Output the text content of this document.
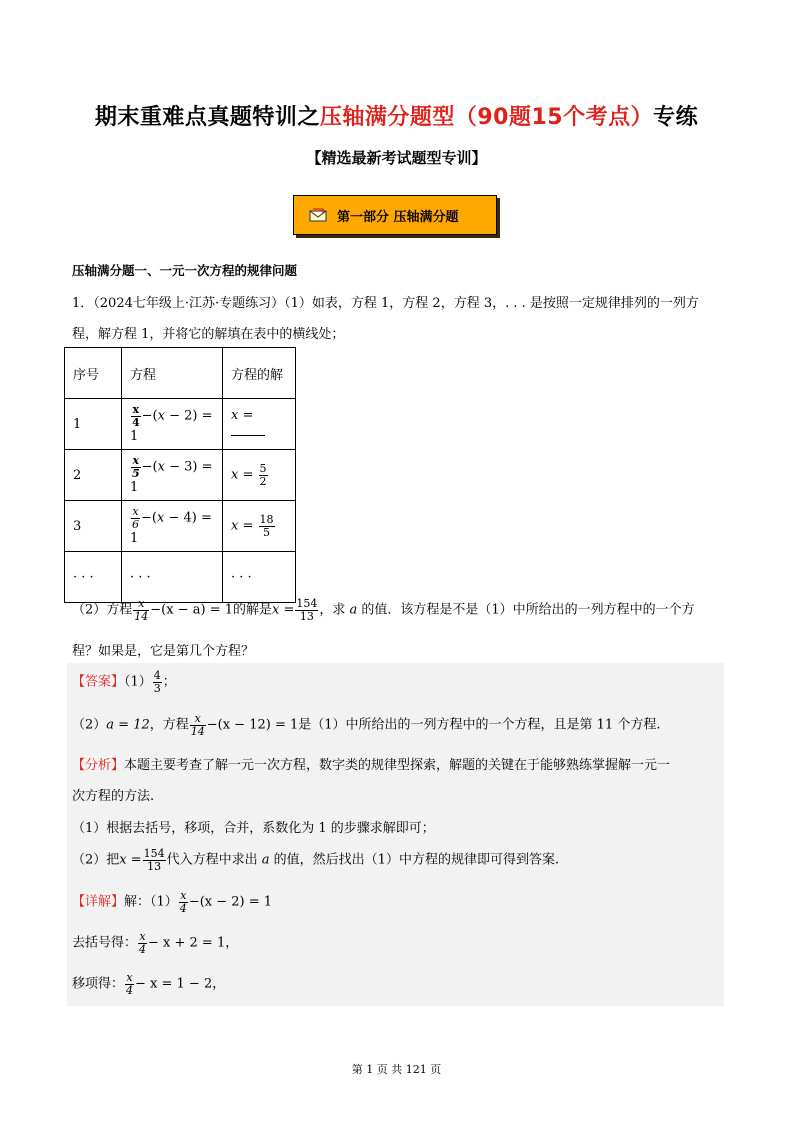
期末重难点真题特训之压轴满分题型（90题15个考点）专练
【精选最新考试题型专训】
第一部分 压轴满分题
压轴满分题一、一元一次方程的规律问题
1．（2024七年级上·江苏·专题练习）（1）如表，方程 1，方程 2，方程 3，. . . 是按照一定规律排列的一列方
程，解方程 1，并将它的解填在表中的横线处；
序号	方程	方程的解
1	$\frac{x}{4} -(x - 2) = 1$	x =
2	$\frac{x}{5} -(x - 3) = 1$	$x = \frac{5}{2}$

3	$\frac{x}{6} -(x - 4) = 1$	$x = \frac{18}{5}$

· · ·	· · ·	· · ·
（2）方程 $\frac{x}{14} -(x - a) = 1$的解是$x = \frac{154}{13}$ ，求 a 的值．该方程是不是（1）中所给出的一列方程中的一个方
程？如果是，它是第几个方程？
【答案】$(1) \frac{4}{3}$ ；
（2）a = 12，方程 $\frac{x}{14} -(x - 12) = 1$是（1）中所给出的一列方程中的一个方程，且是第 11 个方程.
【分析】本题主要考查了解一元一次方程，数字类的规律型探索，解题的关键在于能够熟练掌握解一元一
次方程的方法.
（1）根据去括号，移项，合并，系数化为 1 的步骤求解即可；
（2）把$x = \frac{154}{13}$ 代入方程中求出 a 的值，然后找出（1）中方程的规律即可得到答案.
【详解】解：$(1) \frac{x}{4} -(x - 2) = 1$
去括号得： $\frac{x}{4} - x + 2 = 1$，
移项得： $\frac{x}{4} - x = 1 - 2$，
第 1 页 共 121 页
